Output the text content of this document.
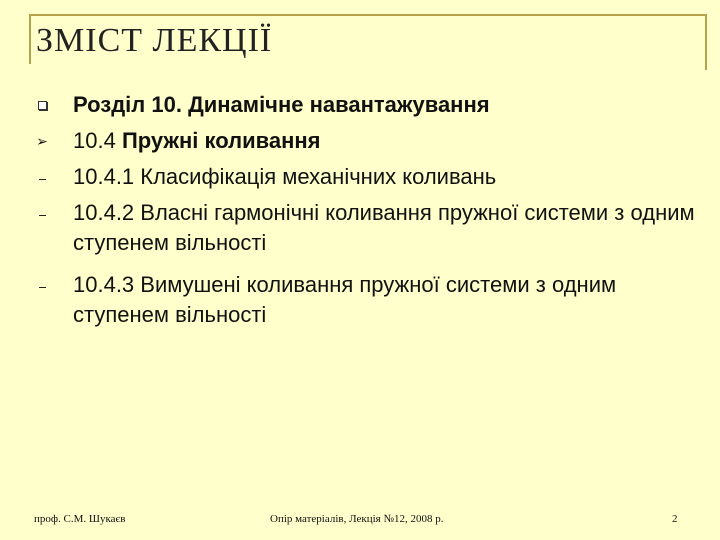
ЗМІСТ ЛЕКЦІЇ
Розділ 10. Динамічне навантажування
➢ 10.4 Пружні коливання
10.4.1 Класифікація механічних коливань
10.4.2 Власні гармонічні коливання пружної системи з одним ступенем вільності
10.4.3 Вимушені коливання пружної системи з одним ступенем вільності
проф. С.М. Шукаєв	Опір матеріалів, Лекція №12, 2008 р.	2
